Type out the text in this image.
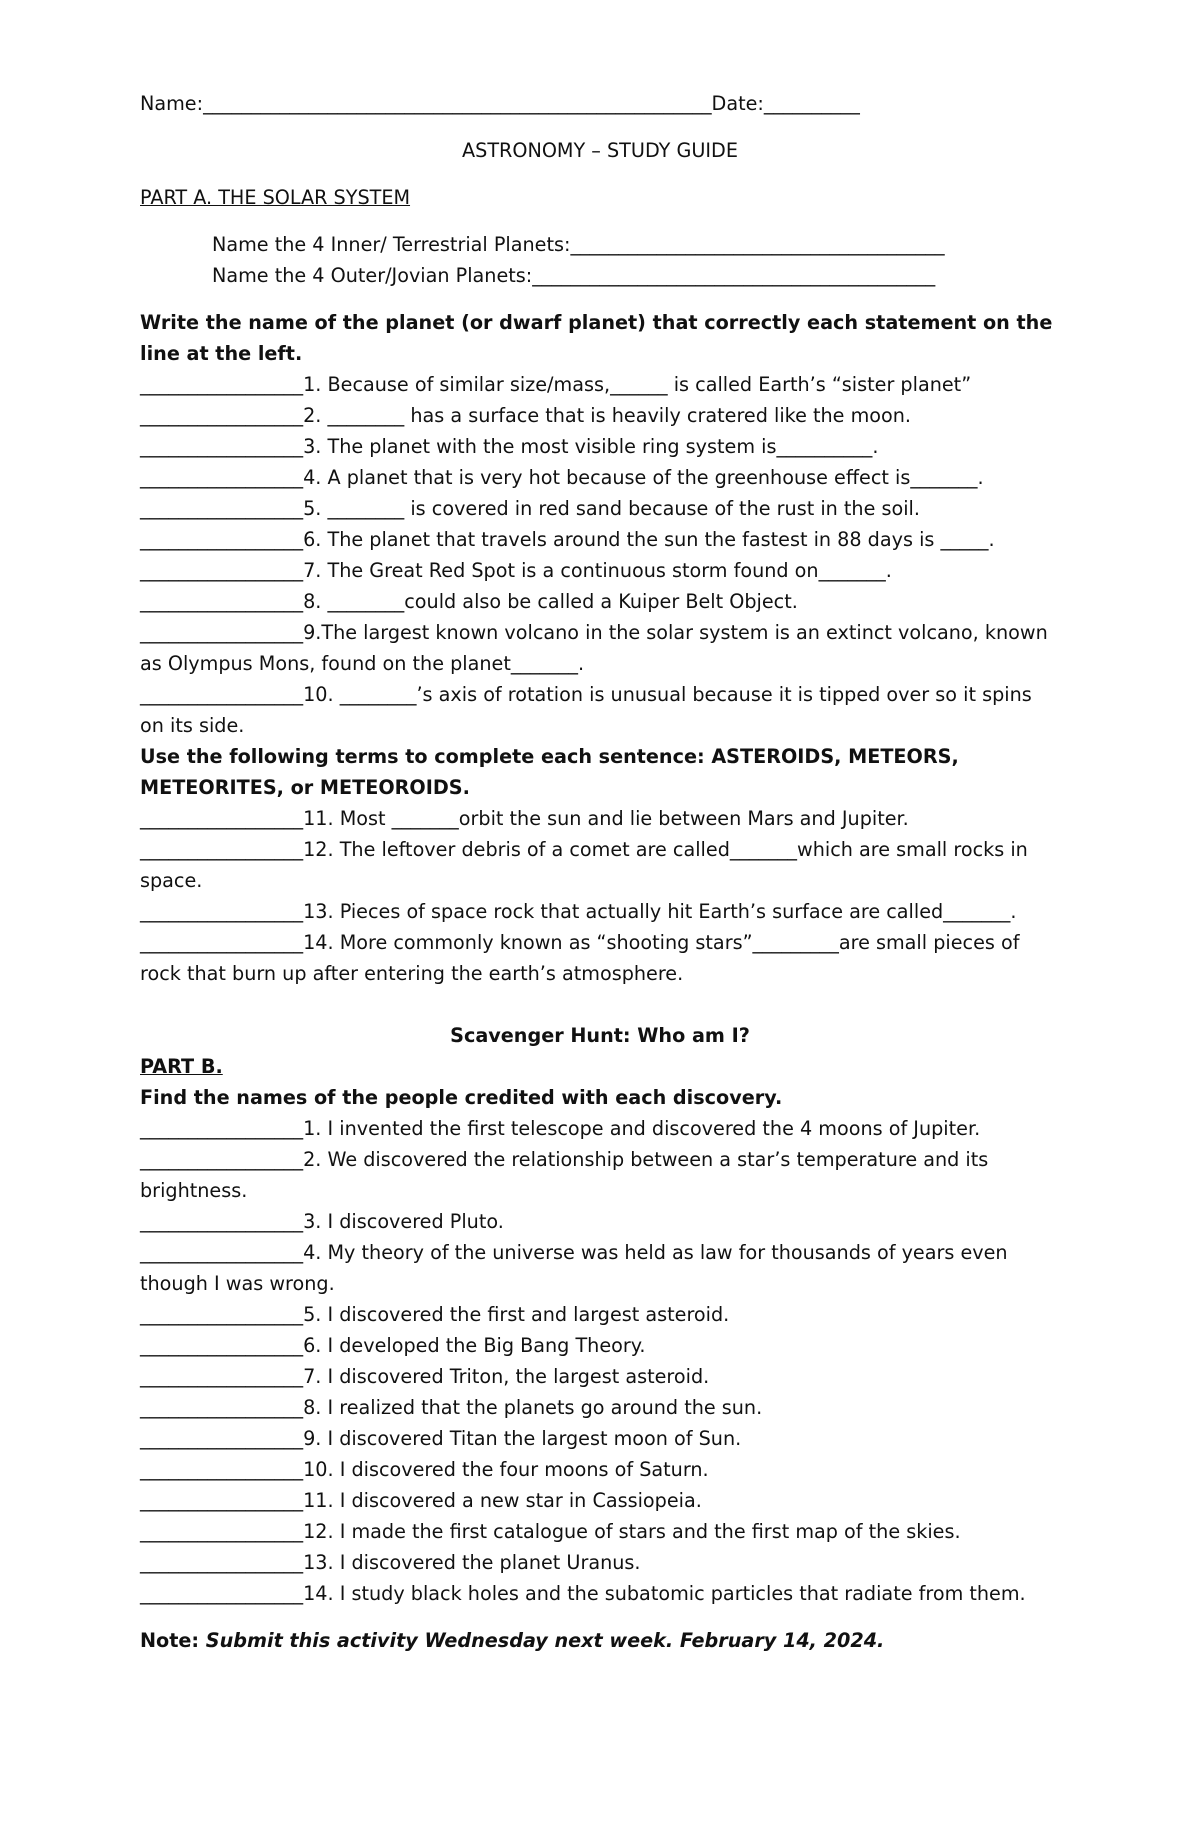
Name:_____________________________________________________Date:__________
ASTRONOMY – STUDY GUIDE
PART A. THE SOLAR SYSTEM
Name the 4 Inner/ Terrestrial Planets:_______________________________________
Name the 4 Outer/Jovian Planets:__________________________________________
Write the name of the planet (or dwarf planet) that correctly each statement on the line at the left.
_________________1. Because of similar size/mass,______ is called Earth’s “sister planet”
_________________2. ________ has a surface that is heavily cratered like the moon.
_________________3. The planet with the most visible ring system is__________.
_________________4. A planet that is very hot because of the greenhouse effect is_______.
_________________5. ________ is covered in red sand because of the rust in the soil.
_________________6. The planet that travels around the sun the fastest in 88 days is _____.
_________________7. The Great Red Spot is a continuous storm found on_______.
_________________8. ________could also be called a Kuiper Belt Object.
_________________9.The largest known volcano in the solar system is an extinct volcano, known as Olympus Mons, found on the planet_______.
_________________10. ________’s axis of rotation is unusual because it is tipped over so it spins on its side.
Use the following terms to complete each sentence: ASTEROIDS, METEORS, METEORITES, or METEOROIDS.
_________________11. Most _______orbit the sun and lie between Mars and Jupiter.
_________________12. The leftover debris of a comet are called_______which are small rocks in space.
_________________13. Pieces of space rock that actually hit Earth’s surface are called_______.
_________________14. More commonly known as “shooting stars”_________are small pieces of rock that burn up after entering the earth’s atmosphere.
Scavenger Hunt: Who am I?
PART B.
Find the names of the people credited with each discovery.
_________________1. I invented the first telescope and discovered the 4 moons of Jupiter.
_________________2. We discovered the relationship between a star’s temperature and its brightness.
_________________3. I discovered Pluto.
_________________4. My theory of the universe was held as law for thousands of years even though I was wrong.
_________________5. I discovered the first and largest asteroid.
_________________6. I developed the Big Bang Theory.
_________________7. I discovered Triton, the largest asteroid.
_________________8. I realized that the planets go around the sun.
_________________9. I discovered Titan the largest moon of Sun.
_________________10. I discovered the four moons of Saturn.
_________________11. I discovered a new star in Cassiopeia.
_________________12. I made the first catalogue of stars and the first map of the skies.
_________________13. I discovered the planet Uranus.
_________________14. I study black holes and the subatomic particles that radiate from them.
Note: Submit this activity Wednesday next week. February 14, 2024.
